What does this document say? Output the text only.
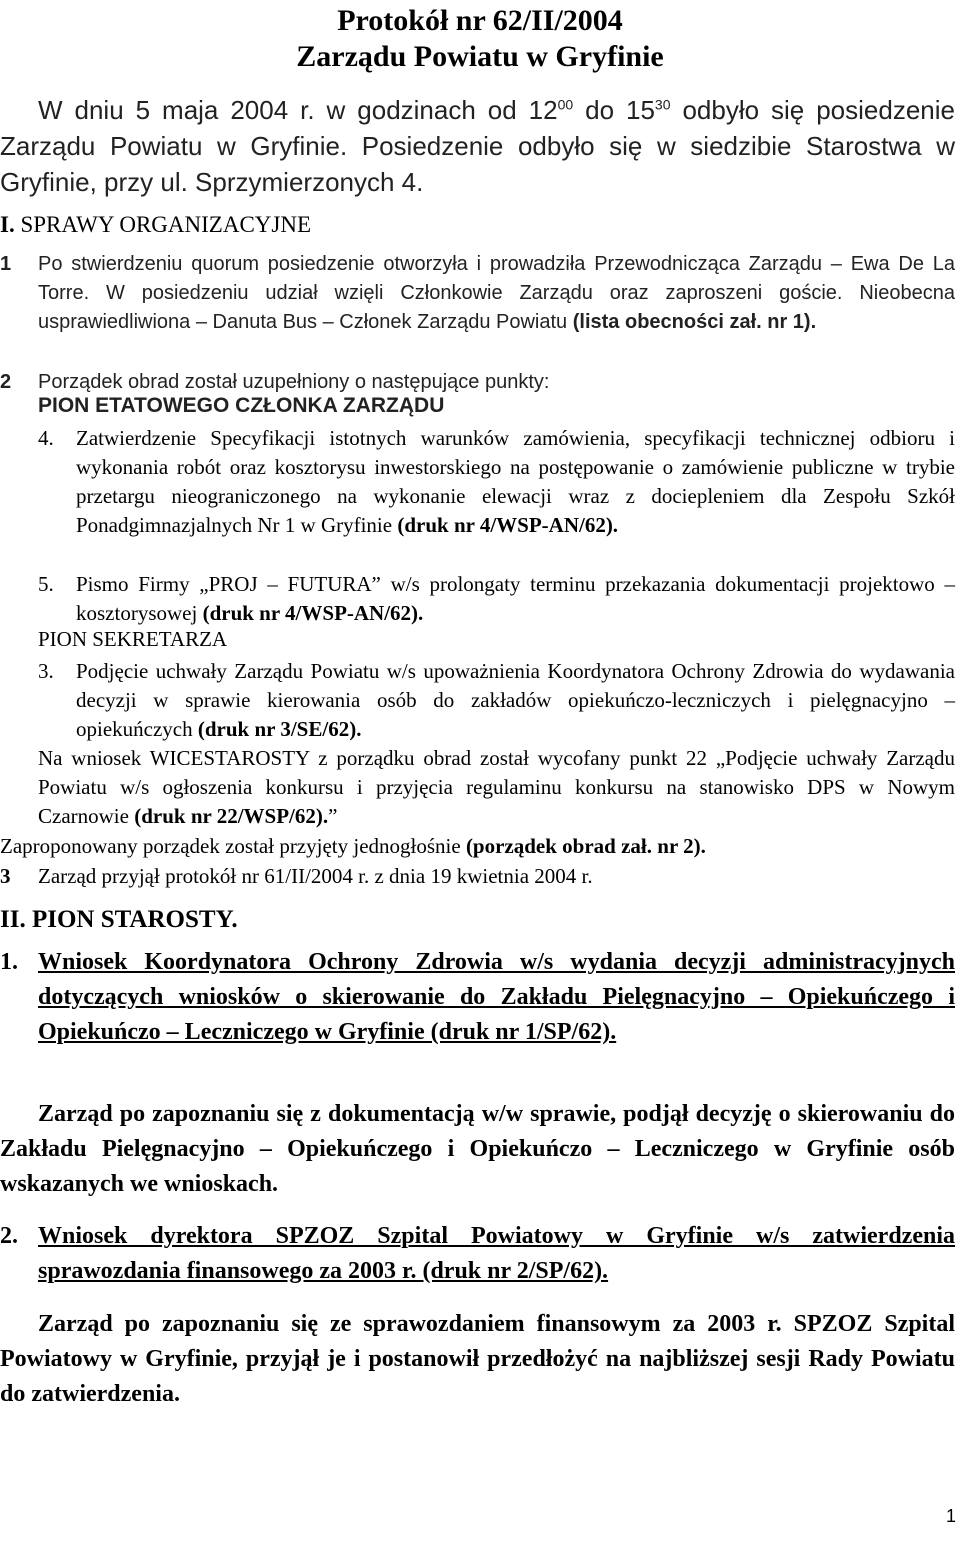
Protokół nr 62/II/2004
Zarządu Powiatu w Gryfinie

W dniu 5 maja 2004 r. w godzinach od $12^{00}$ do $15^{30}$ odbyło się posiedzenie Zarządu Powiatu w Gryfinie. Posiedzenie odbyło się w siedzibie Starostwa w Gryfinie, przy ul. Sprzymierzonych 4.

I. SPRAWY ORGANIZACYJNE

1 Po stwierdzeniu quorum posiedzenie otworzyła i prowadziła Przewodnicząca Zarządu – Ewa De La Torre. W posiedzeniu udział wzięli Członkowie Zarządu oraz zaproszeni goście. Nieobecna usprawiedliwiona – Danuta Bus – Członek Zarządu Powiatu (lista obecności zał. nr 1).

2 Porządek obrad został uzupełniony o następujące punkty:

PION ETATOWEGO CZŁONKA ZARZĄDU

4. Zatwierdzenie Specyfikacji istotnych warunków zamówienia, specyfikacji technicznej odbioru i wykonania robót oraz kosztorysu inwestorskiego na postępowanie o zamówienie publiczne w trybie przetargu nieograniczonego na wykonanie elewacji wraz z dociepleniem dla Zespołu Szkół Ponadgimnazjalnych Nr 1 w Gryfinie (druk nr 4/WSP-AN/62).

5. Pismo Firmy „PROJ – FUTURA” w/s prolongaty terminu przekazania dokumentacji projektowo – kosztorysowej (druk nr 4/WSP-AN/62).

PION SEKRETARZA

3. Podjęcie uchwały Zarządu Powiatu w/s upoważnienia Koordynatora Ochrony Zdrowia do wydawania decyzji w sprawie kierowania osób do zakładów opiekuńczo-leczniczych i pielęgnacyjno – opiekuńczych (druk nr 3/SE/62).

Na wniosek WICESTAROSTY z porządku obrad został wycofany punkt 22 „Podjęcie uchwały Zarządu Powiatu w/s ogłoszenia konkursu i przyjęcia regulaminu konkursu na stanowisko DPS w Nowym Czarnowie (druk nr 22/WSP/62).”

Zaproponowany porządek został przyjęty jednogłośnie (porządek obrad zał. nr 2).

3 Zarząd przyjął protokół nr 61/II/2004 r. z dnia 19 kwietnia 2004 r.

II. PION STAROSTY.

1. Wniosek Koordynatora Ochrony Zdrowia w/s wydania decyzji administracyjnych dotyczących wniosków o skierowanie do Zakładu Pielęgnacyjno – Opiekuńczego i Opiekuńczo – Leczniczego w Gryfinie (druk nr 1/SP/62).

Zarząd po zapoznaniu się z dokumentacją w/w sprawie, podjął decyzję o skierowaniu do Zakładu Pielęgnacyjno – Opiekuńczego i Opiekuńczo – Leczniczego w Gryfinie osób wskazanych we wnioskach.

2. Wniosek dyrektora SPZOZ Szpital Powiatowy w Gryfinie w/s zatwierdzenia sprawozdania finansowego za 2003 r. (druk nr 2/SP/62).

Zarząd po zapoznaniu się ze sprawozdaniem finansowym za 2003 r. SPZOZ Szpital Powiatowy w Gryfinie, przyjął je i postanowił przedłożyć na najbliższej sesji Rady Powiatu do zatwierdzenia.

1
